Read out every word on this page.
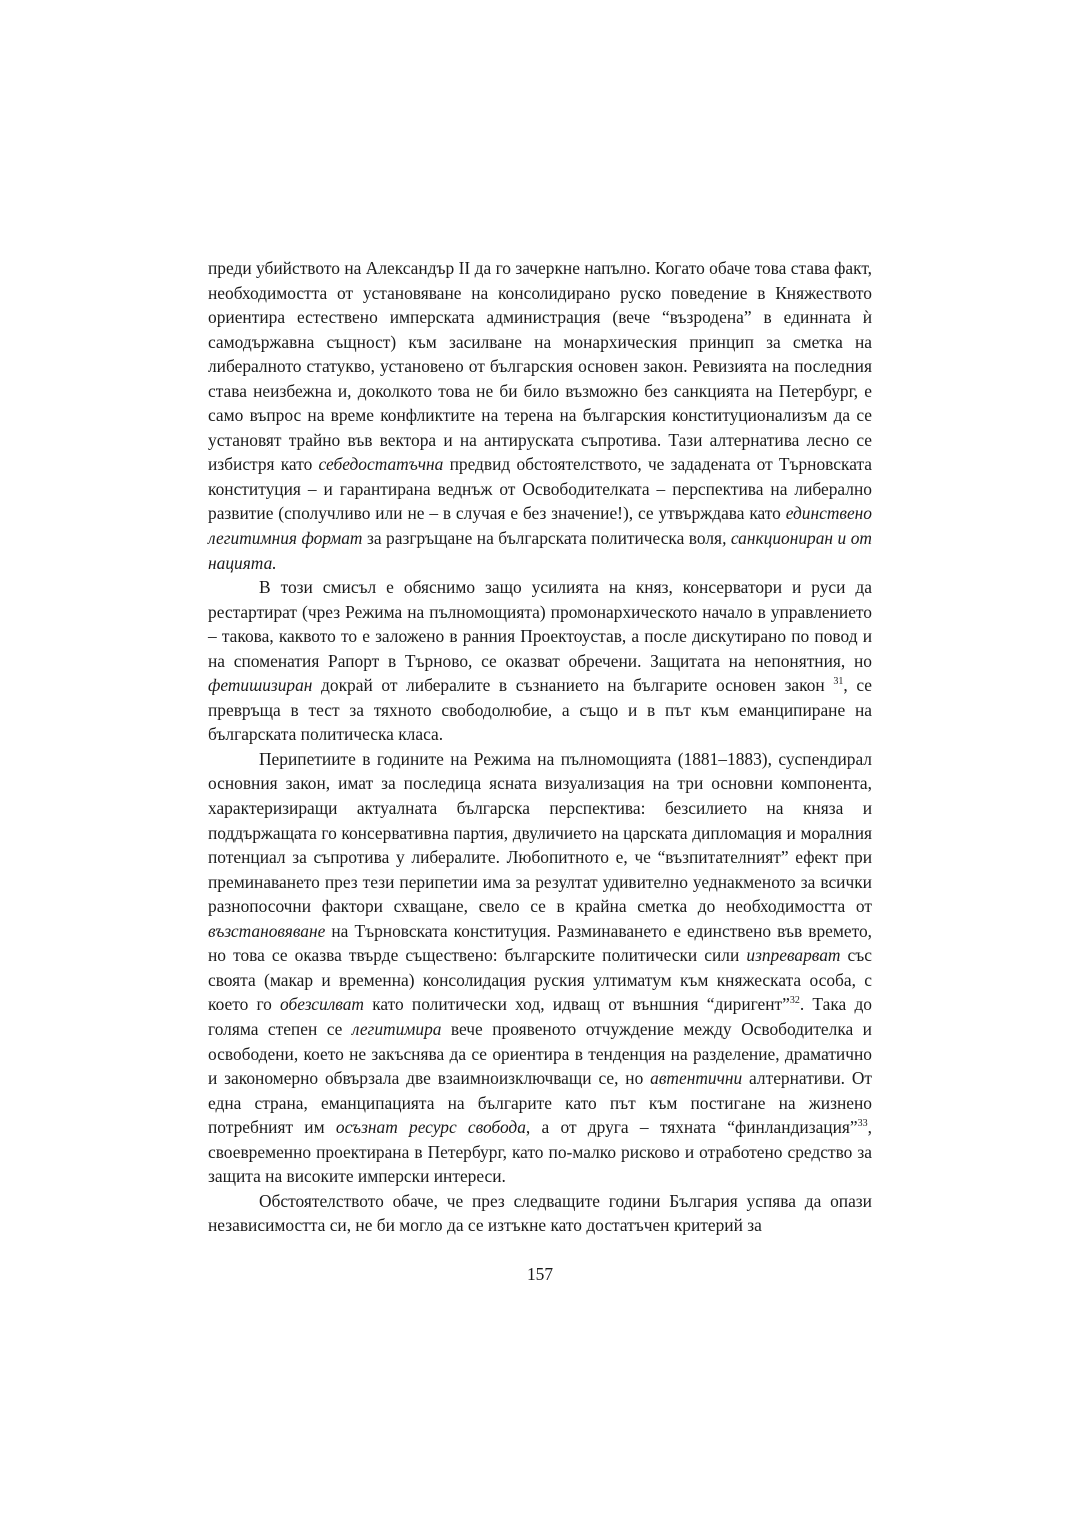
преди убийството на Александър II да го зачеркне напълно. Когато обаче това става факт, необходимостта от установяване на консолидирано руско поведение в Княжеството ориентира естествено имперската администрация (вече “възродена” в единната ѝ самодържавна същност) към засилване на монархическия принцип за сметка на либералното статукво, установено от българския основен закон. Ревизията на последния става неизбежна и, доколкото това не би било възможно без санкцията на Петербург, е само въпрос на време конфликтите на терена на българския конституционализъм да се установят трайно във вектора и на антируската съпротива. Тази алтернатива лесно се избистря като себедостатъчна предвид обстоятелството, че зададената от Търновската конституция – и гарантирана веднъж от Освободителката – перспектива на либерално развитие (сполучливо или не – в случая е без значение!), се утвърждава като единствено легитимния формат за разгръщане на българската политическа воля, санкциониран и от нацията.

В този смисъл е обяснимо защо усилията на княз, консерватори и руси да рестартират (чрез Режима на пълномощията) промонархическото начало в управлението – такова, каквото то е заложено в ранния Проектоустав, а после дискутирано по повод и на споменатия Рапорт в Търново, се оказват обречени. Защитата на непонятния, но фетишизиран докрай от либералите в съзнанието на българите основен закон $^{31}$, се превръща в тест за тяхното свободолюбие, а също и в път към еманципиране на българската политическа класа.

Перипетиите в годините на Режима на пълномощията (1881–1883), суспендирал основния закон, имат за последица ясната визуализация на три основни компонента, характеризиращи актуалната българска перспектива: безсилието на княза и поддържащата го консервативна партия, двуличието на царската дипломация и моралния потенциал за съпротива у либералите. Любопитното е, че “възпитателният” ефект при преминаването през тези перипетии има за резултат удивително уеднакменото за всички разнопосочни фактори схващане, свело се в крайна сметка до необходимостта от възстановяване на Търновската конституция. Разминаването е единствено във времето, но това се оказва твърде съществено: българските политически сили изпреварват със своята (макар и временна) консолидация руския ултиматум към княжеската особа, с което го обезсилват като политически ход, идващ от външния “диригент”$^{32}$. Така до голяма степен се легитимира вече проявеното отчуждение между Освободителка и освободени, което не закъснява да се ориентира в тенденция на разделение, драматично и закономерно обвързала две взаимноизключващи се, но автентични алтернативи. От една страна, еманципацията на българите като път към постигане на жизнено потребният им осъзнат ресурс свобода, а от друга – тяхната “финландизация”$^{33}$, своевременно проектирана в Петербург, като по-малко рисково и отработено средство за защита на високите имперски интереси.

Обстоятелството обаче, че през следващите години България успява да опази независимостта си, не би могло да се изтъкне като достатъчен критерий за

157
